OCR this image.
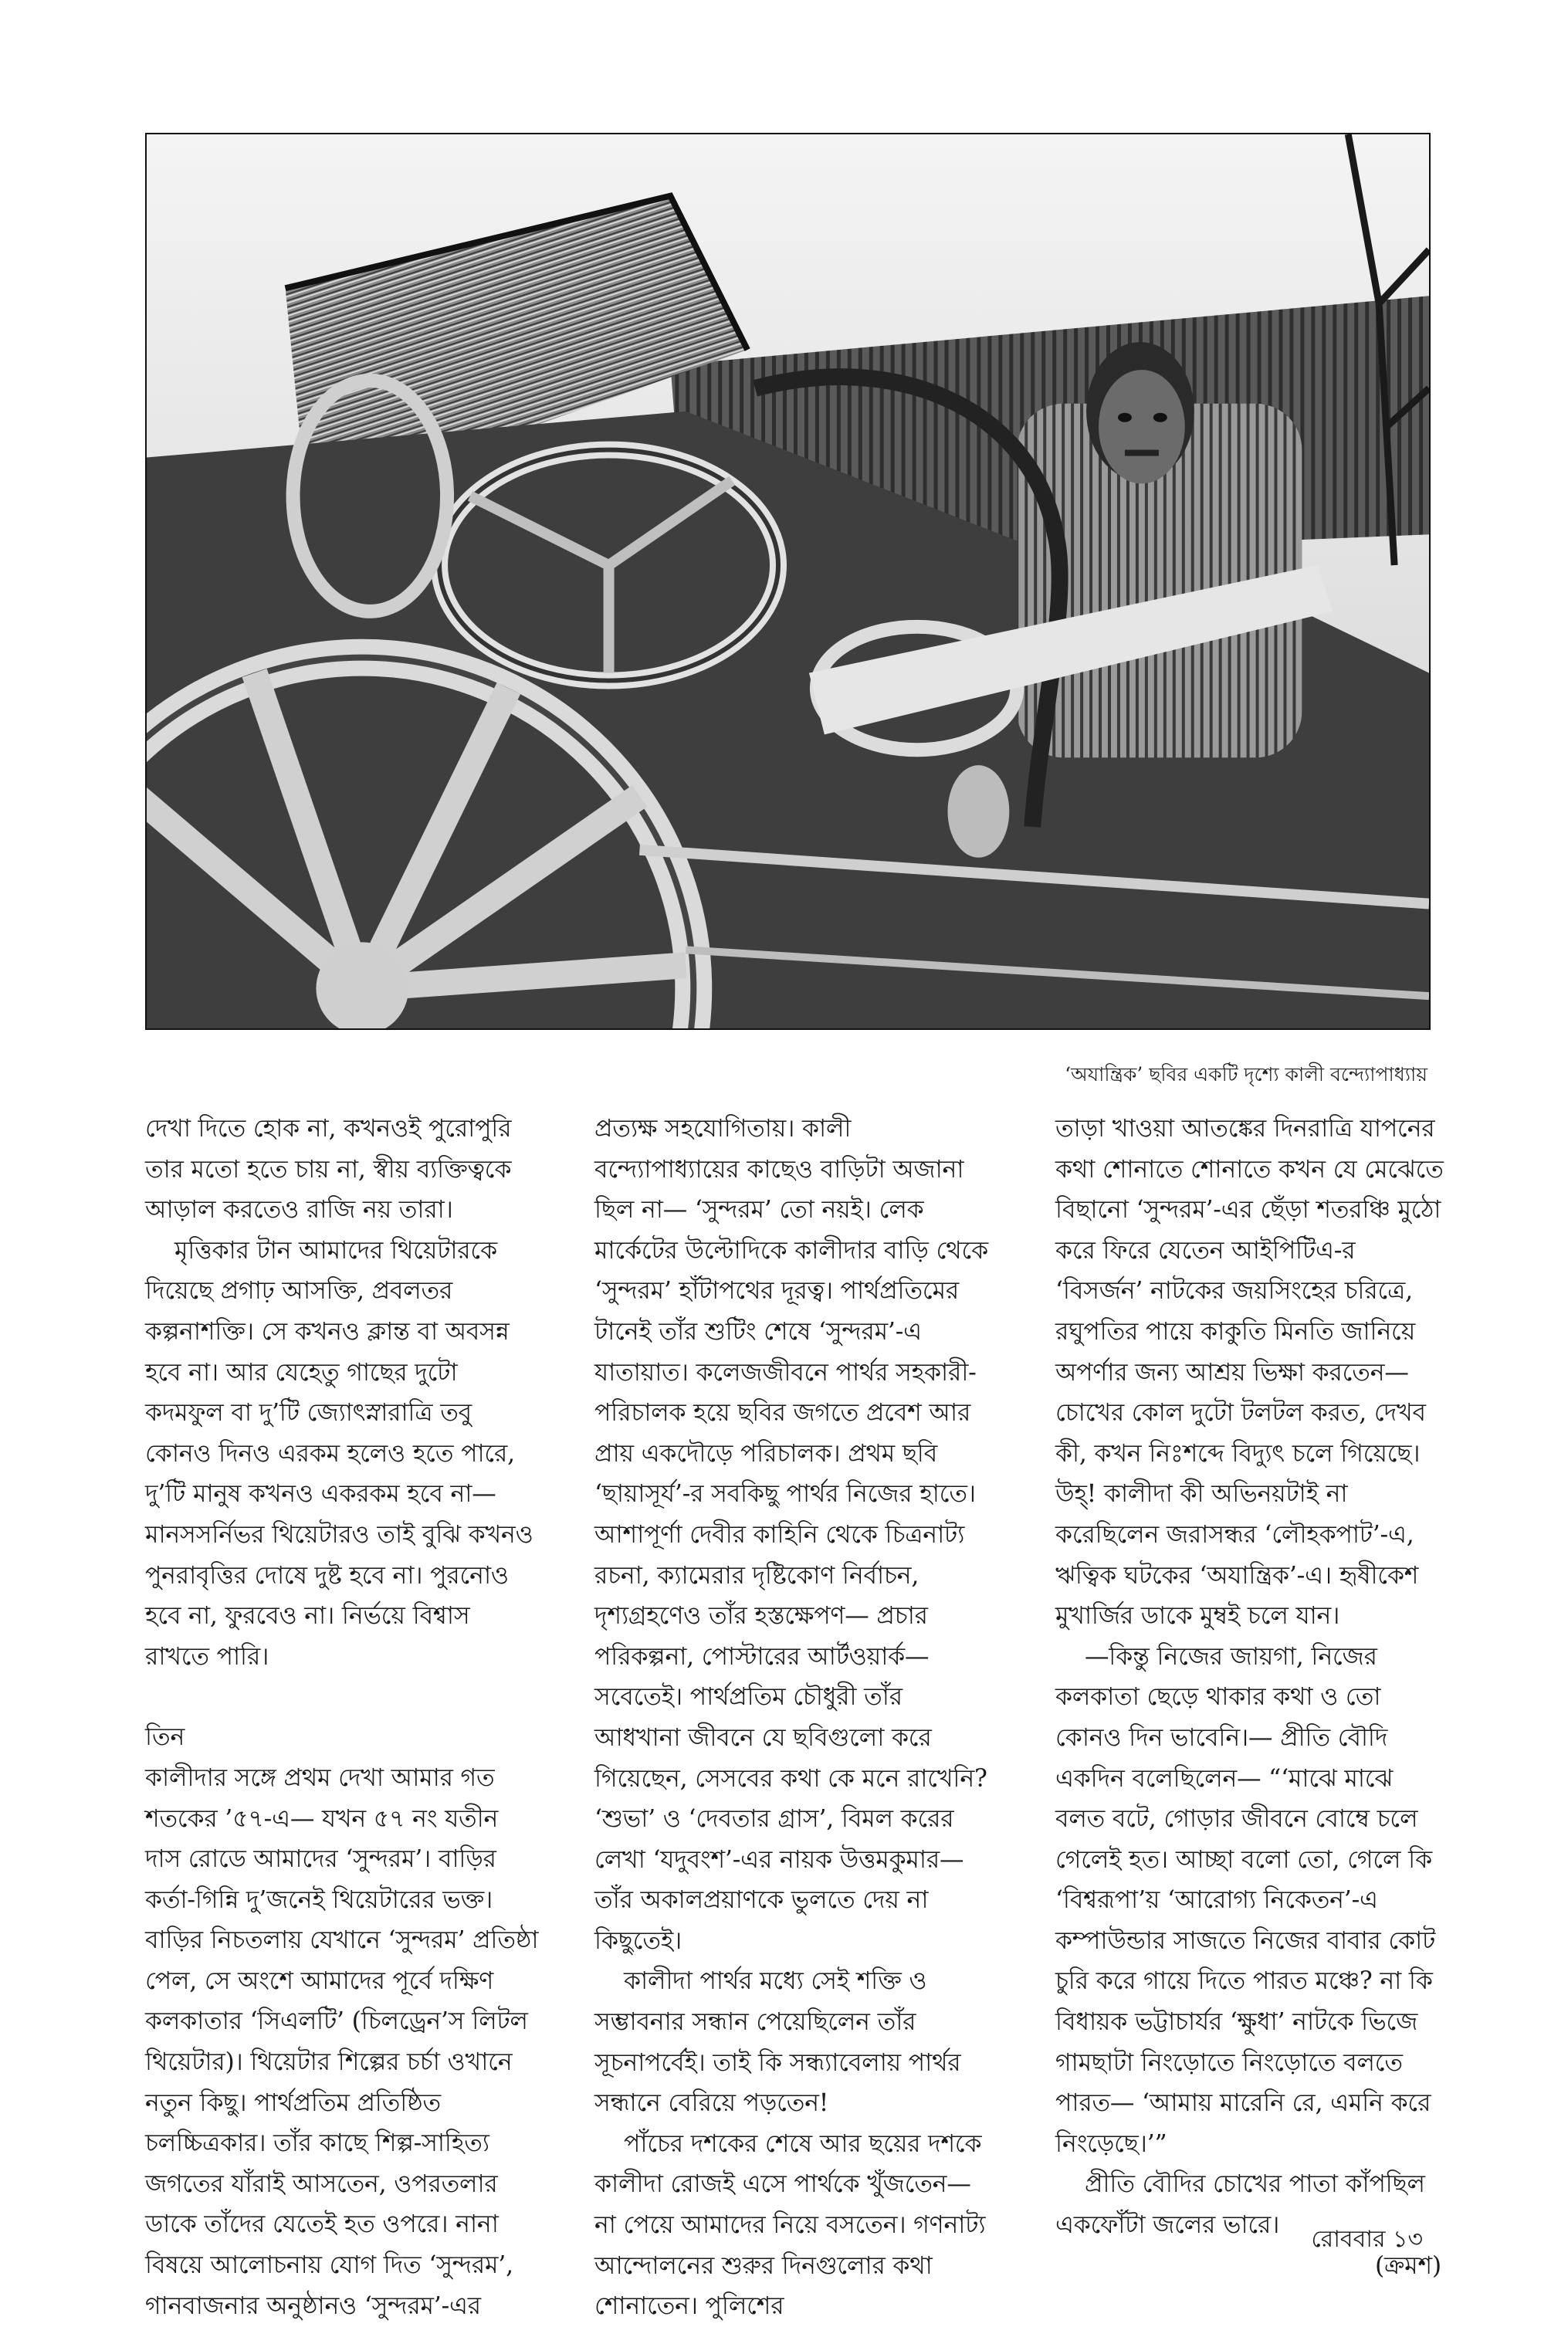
‘অযান্ত্রিক’ ছবির একটি দৃশ্যে কালী বন্দ্যোপাধ্যায়

দেখা দিতে হোক না, কখনওই পুরোপুরি তার মতো হতে চায় না, স্বীয় ব্যক্তিত্বকে আড়াল করতেও রাজি নয় তারা।

মৃত্তিকার টান আমাদের থিয়েটারকে দিয়েছে প্রগাঢ় আসক্তি, প্রবলতর কল্পনাশক্তি। সে কখনও ক্লান্ত বা অবসন্ন হবে না। আর যেহেতু গাছের দুটো কদমফুল বা দু’টি জ্যোৎস্নারাত্রি তবু কোনও দিনও এরকম হলেও হতে পারে, দু’টি মানুষ কখনও একরকম হবে না— মানসসর্নিভর থিয়েটারও তাই বুঝি কখনও পুনরাবৃত্তির দোষে দুষ্ট হবে না। পুরনোও হবে না, ফুরবেও না। নির্ভয়ে বিশ্বাস রাখতে পারি।

তিন

কালীদার সঙ্গে প্রথম দেখা আমার গত শতকের ’৫৭-এ— যখন ৫৭ নং যতীন দাস রোডে আমাদের ‘সুন্দরম’। বাড়ির কর্তা-গিন্নি দু’জনেই থিয়েটারের ভক্ত। বাড়ির নিচতলায় যেখানে ‘সুন্দরম’ প্রতিষ্ঠা পেল, সে অংশে আমাদের পূর্বে দক্ষিণ কলকাতার ‘সিএলটি’ (চিলড্রেন’স লিটল থিয়েটার)। থিয়েটার শিল্পের চর্চা ওখানে নতুন কিছু। পার্থপ্রতিম প্রতিষ্ঠিত চলচ্চিত্রকার। তাঁর কাছে শিল্প-সাহিত্য জগতের যাঁরাই আসতেন, ওপরতলার ডাকে তাঁদের যেতেই হত ওপরে। নানা বিষয়ে আলোচনায় যোগ দিত ‘সুন্দরম’, গানবাজনার অনুষ্ঠানও ‘সুন্দরম’-এর

প্রত্যক্ষ সহযোগিতায়। কালী বন্দ্যোপাধ্যায়ের কাছেও বাড়িটা অজানা ছিল না— ‘সুন্দরম’ তো নয়ই। লেক মার্কেটের উল্টোদিকে কালীদার বাড়ি থেকে ‘সুন্দরম’ হাঁটাপথের দূরত্ব। পার্থপ্রতিমের টানেই তাঁর শুটিং শেষে ‘সুন্দরম’-এ যাতায়াত। কলেজজীবনে পার্থর সহকারী-পরিচালক হয়ে ছবির জগতে প্রবেশ আর প্রায় একদৌড়ে পরিচালক। প্রথম ছবি ‘ছায়াসূর্য’-র সবকিছু পার্থর নিজের হাতে। আশাপূর্ণা দেবীর কাহিনি থেকে চিত্রনাট্য রচনা, ক্যামেরার দৃষ্টিকোণ নির্বাচন, দৃশ্যগ্রহণেও তাঁর হস্তক্ষেপণ— প্রচার পরিকল্পনা, পোস্টারের আর্টওয়ার্ক— সবেতেই। পার্থপ্রতিম চৌধুরী তাঁর আধখানা জীবনে যে ছবিগুলো করে গিয়েছেন, সেসবের কথা কে মনে রাখেনি? ‘শুভা’ ও ‘দেবতার গ্রাস’, বিমল করের লেখা ‘যদুবংশ’-এর নায়ক উত্তমকুমার— তাঁর অকালপ্রয়াণকে ভুলতে দেয় না কিছুতেই।

কালীদা পার্থর মধ্যে সেই শক্তি ও সম্ভাবনার সন্ধান পেয়েছিলেন তাঁর সূচনাপর্বেই। তাই কি সন্ধ্যাবেলায় পার্থর সন্ধানে বেরিয়ে পড়তেন!

পাঁচের দশকের শেষে আর ছয়ের দশকে কালীদা রোজই এসে পার্থকে খুঁজতেন— না পেয়ে আমাদের নিয়ে বসতেন। গণনাট্য আন্দোলনের শুরুর দিনগুলোর কথা শোনাতেন। পুলিশের

তাড়া খাওয়া আতঙ্কের দিনরাত্রি যাপনের কথা শোনাতে শোনাতে কখন যে মেঝেতে বিছানো ‘সুন্দরম’-এর ছেঁড়া শতরঞ্চি মুঠো করে ফিরে যেতেন আইপিটিএ-র ‘বিসর্জন’ নাটকের জয়সিংহের চরিত্রে, রঘুপতির পায়ে কাকুতি মিনতি জানিয়ে অপর্ণার জন্য আশ্রয় ভিক্ষা করতেন— চোখের কোল দুটো টলটল করত, দেখব কী, কখন নিঃশব্দে বিদ্যুৎ চলে গিয়েছে। উহ্‌! কালীদা কী অভিনয়টাই না করেছিলেন জরাসন্ধর ‘লৌহকপাট’-এ, ঋত্বিক ঘটকের ‘অযান্ত্রিক’-এ। হৃষীকেশ মুখার্জির ডাকে মুম্বই চলে যান।

—কিন্তু নিজের জায়গা, নিজের কলকাতা ছেড়ে থাকার কথা ও তো কোনও দিন ভাবেনি।— প্রীতি বৌদি একদিন বলেছিলেন— “‘মাঝে মাঝে বলত বটে, গোড়ার জীবনে বোম্বে চলে গেলেই হত। আচ্ছা বলো তো, গেলে কি ‘বিশ্বরূপা’য় ‘আরোগ্য নিকেতন’-এ কম্পাউন্ডার সাজতে নিজের বাবার কোট চুরি করে গায়ে দিতে পারত মঞ্চে? না কি বিধায়ক ভট্টাচার্যর ‘ক্ষুধা’ নাটকে ভিজে গামছাটা নিংড়োতে নিংড়োতে বলতে পারত— ‘আমায় মারেনি রে, এমনি করে নিংড়েছে।’”

প্রীতি বৌদির চোখের পাতা কাঁপছিল একফোঁটা জলের ভারে।

(ক্রমশ)

রোববার ১৩
